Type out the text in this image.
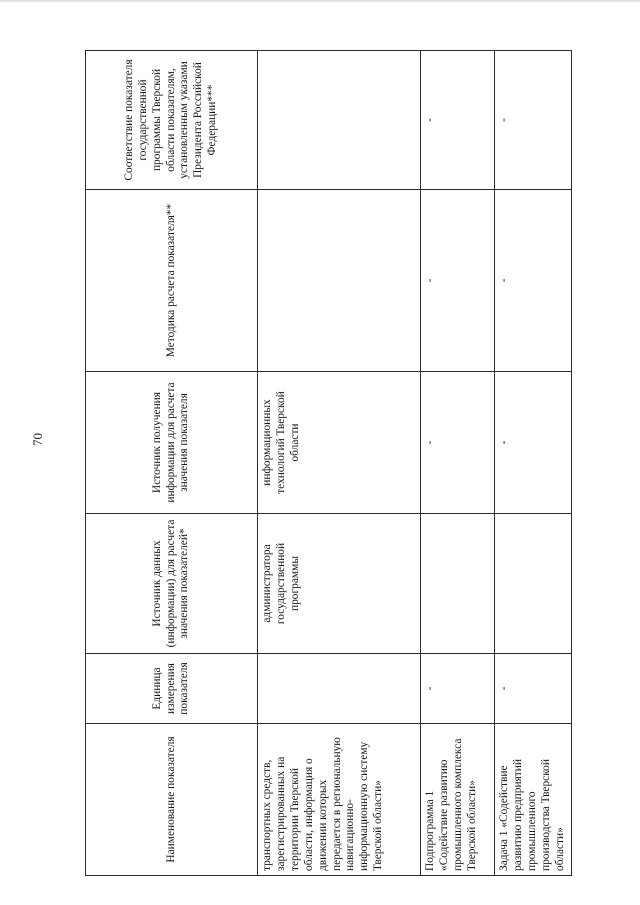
70
Наименование показателя	Единица измерения показателя	Источник данных (информации) для расчета значения показателей*	Источник получения информации для расчета значения показателя	Методика расчета показателя**	Соответствие показателя государственной программы Тверской области показателям, установленным указами Президента Российской Федерации***
транспортных средств, зарегистрированных на территории Тверской области, информация о движении которых передается в региональную навигационно-информационную систему Тверской области»		администратора государственной программы	информационных технологий Тверской области		
Подпрограмма 1 «Содействие развитию промышленного комплекса Тверской области»	-		-	-	-
Задача 1 «Содействие развитию предприятий промышленного производства Тверской области»	-		-	-	-
